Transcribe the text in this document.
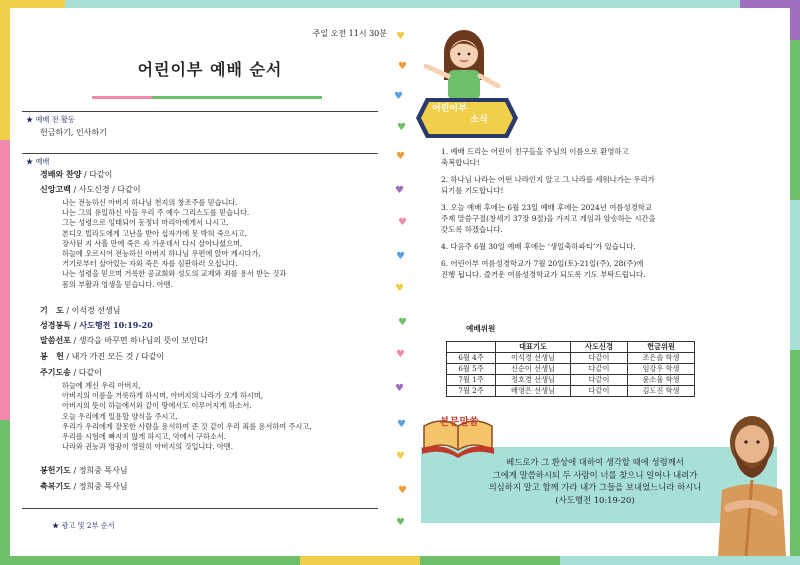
주일 오전 11시 30분
어린이부 예배 순서
★ 예배 전 활동
헌금하기, 인사하기
★ 예배
경배와 찬양 / 다같이
신앙고백 / 사도신경 / 다같이
나는 전능하신 아버지 하나님 천지의 창조주를 믿습니다.
나는 그의 유일하신 아들 우리 주 예수 그리스도를 믿습니다.
그는 성령으로 잉태되어 동정녀 마리아에게서 나시고,
본디오 빌라도에게 고난을 받아 십자가에 못 박혀 죽으시고,
장사된 지 사흘 만에 죽은 자 가운데서 다시 살아나셨으며,
하늘에 오르시어 전능하신 아버지 하나님 우편에 앉아 계시다가,
거기로부터 살아있는 자와 죽은 자를 심판하러 오십니다.
나는 성령을 믿으며 거룩한 공교회와 성도의 교제와 죄를 용서 받는 것과
몸의 부활과 영생을 믿습니다. 아멘.
기   도 / 이석경 선생님
성경봉독 / 사도행전 10:19-20
말씀선포 / 생각을 바꾸면 하나님의 뜻이 보인다!
봉   헌 / 내가 가진 모든 것 / 다같이
주기도송 / 다같이
하늘에 계신 우리 아버지,
아버지의 이름을 거룩하게 하시며, 아버지의 나라가 오게 하시며,
아버지의 뜻이 하늘에서와 같이 땅에서도 이루어지게 하소서.
오늘 우리에게 일용할 양식을 주시고,
우리가 우리에게 잘못한 사람을 용서하여 준 것 같이 우리 죄를 용서하여 주시고,
우리를 시험에 빠지지 않게 하시고, 악에서 구하소서.
나라와 권능과 영광이 영원히 아버지의 것입니다. 아멘.
봉헌기도 / 정희중 목사님
축복기도 / 정희중 목사님
★ 광고 및 2부 순서
♥
♥
♥
♥
♥
♥
♥
♥
♥
♥
♥
♥
♥
♥
♥
♥
어린이부
소식
1. 예배 드리는 어린이 친구들을 주님의 이름으로 환영하고
축복합니다!
2. 하나님 나라는 어떤 나라인지 알고 그 나라를 세워나가는 우리가
되기를 기도합니다!
3. 오늘 예배 후에는 6월 23일 예배 후에는 2024년 여름성경학교
주제 말씀구절(창세기 37장 9절)을 가지고 게임과 암송하는 시간을
갖도록 하겠습니다.
4. 다음주 6월 30일 예배 후에는 ‘생일축하파티’가 있습니다.
6. 어린이부 여름성경학교가 7월 20일(토)-21일(주), 28(주)에
진행 됩니다. 즐거운 여름성경학교가 되도록 기도 부탁드립니다.
예배위원
	대표기도	사도신경	헌금위원
6월 4주	이석경 선생님	다같이	조은솔 학생
6월 5주	신순이 선생님	다같이	임강우 학생
7월 1주	정호경 선생님	다같이	윤소율 학생
7월 2주	배영은 선생님	다같이	김도진 학생
본문말씀
베드로가 그 환상에 대하여 생각할 때에 성령께서
그에게 말씀하시되 두 사람이 너를 찾으니 일어나 내려가
의심하지 말고 함께 가라 내가 그들을 보내었느니라 하시니
(사도행전 10:19-20)
